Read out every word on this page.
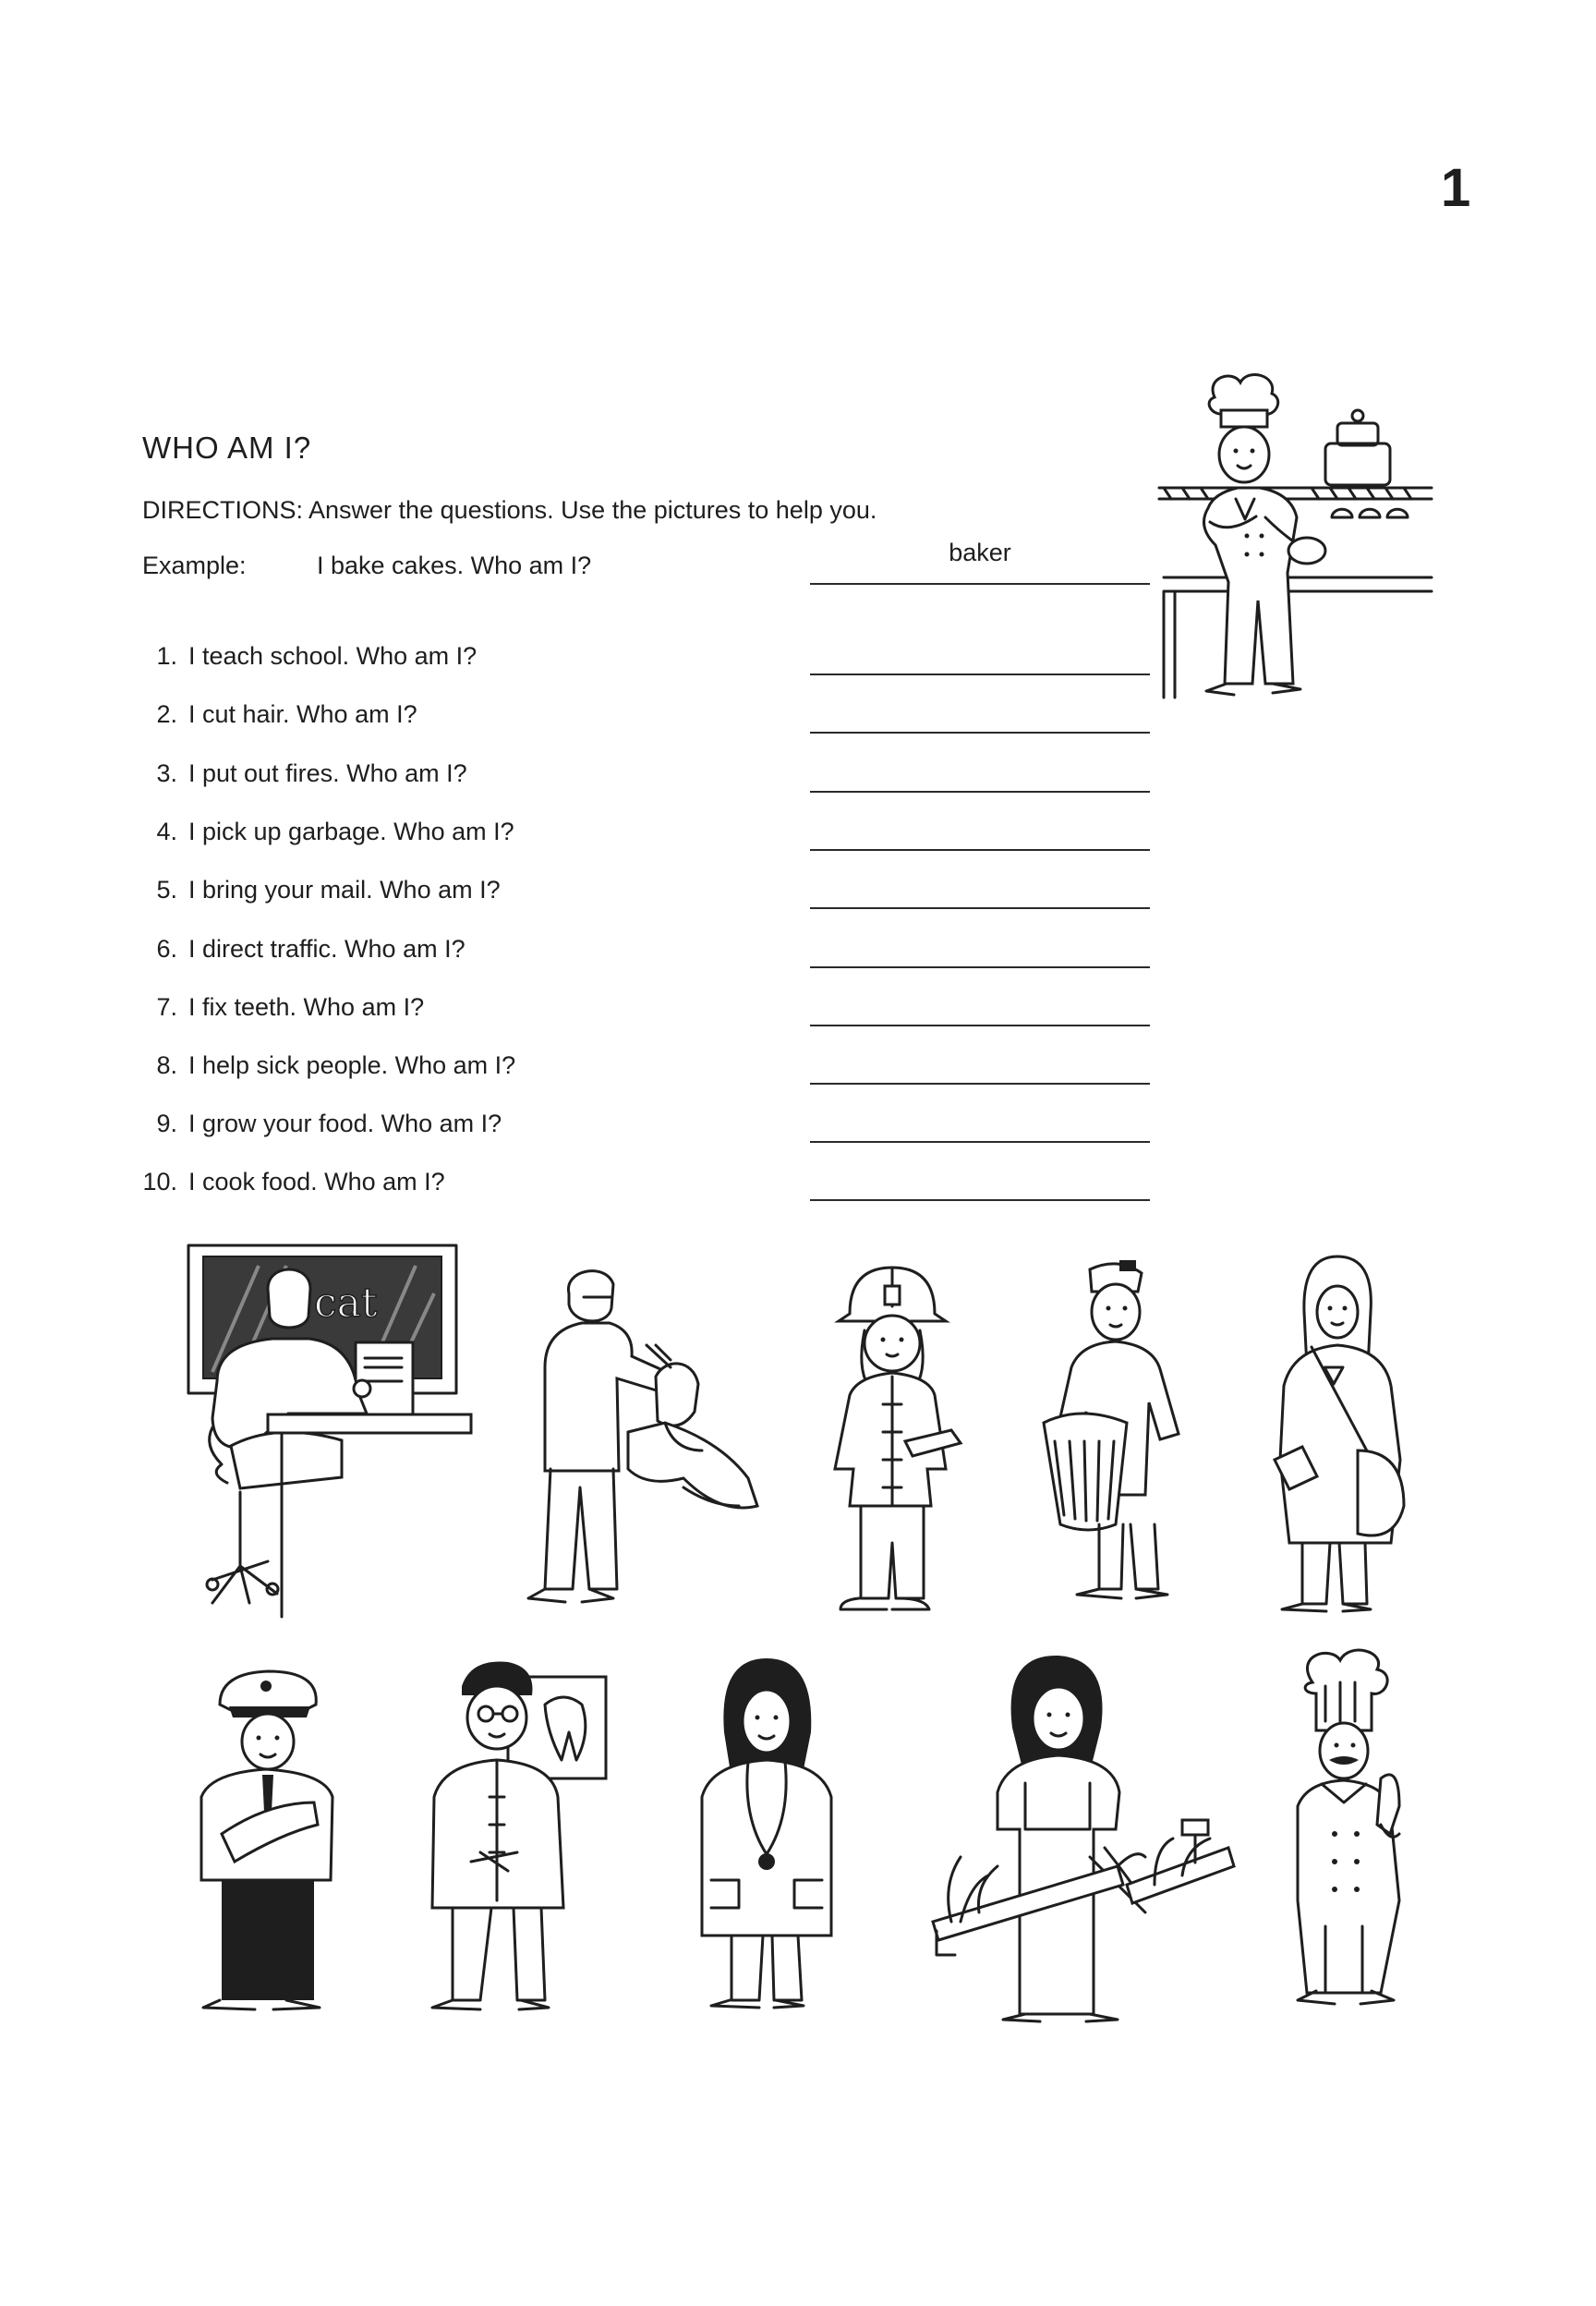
1
WHO AM I?
DIRECTIONS: Answer the questions. Use the pictures to help you.
Example:	I bake cakes. Who am I?	baker
1. I teach school. Who am I?
2. I cut hair. Who am I?
3. I put out fires. Who am I?
4. I pick up garbage. Who am I?
5. I bring your mail. Who am I?
6. I direct traffic. Who am I?
7. I fix teeth. Who am I?
8. I help sick people. Who am I?
9. I grow your food. Who am I?
10. I cook food. Who am I?
cat
